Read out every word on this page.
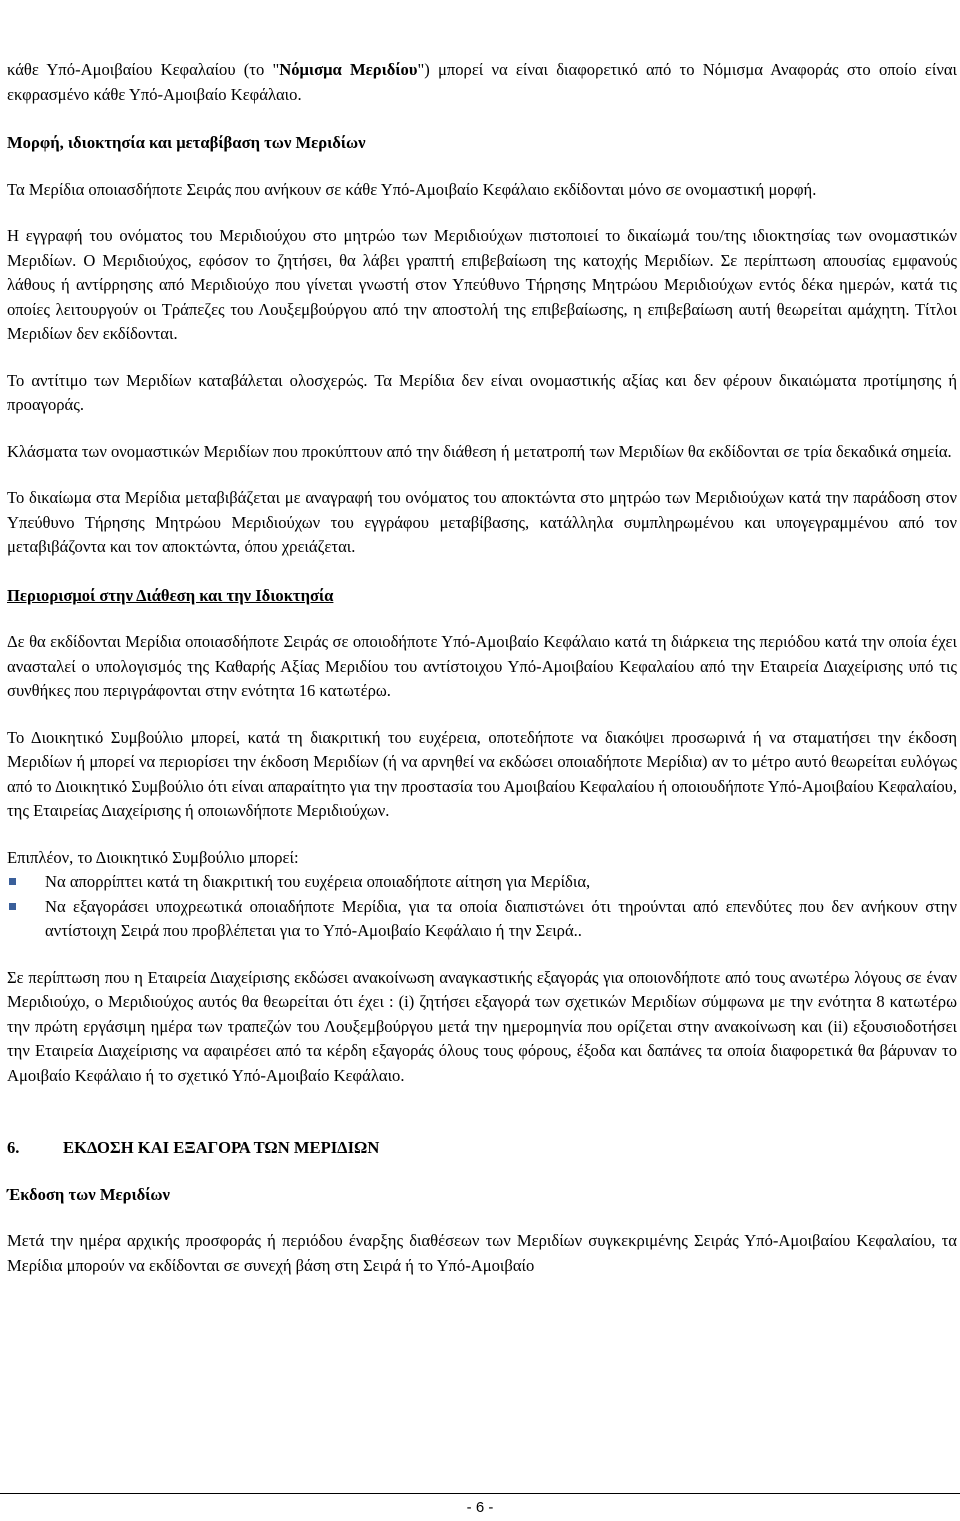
κάθε Υπό-Αμοιβαίου Κεφαλαίου (το "Νόμισμα Μεριδίου") μπορεί να είναι διαφορετικό από το Νόμισμα Αναφοράς στο οποίο είναι εκφρασμένο κάθε Υπό-Αμοιβαίο Κεφάλαιο.

Μορφή, ιδιοκτησία και μεταβίβαση των Μεριδίων

Τα Μερίδια οποιασδήποτε Σειράς που ανήκουν σε κάθε Υπό-Αμοιβαίο Κεφάλαιο εκδίδονται μόνο σε ονομαστική μορφή.

Η εγγραφή του ονόματος του Μεριδιούχου στο μητρώο των Μεριδιούχων πιστοποιεί το δικαίωμά του/της ιδιοκτησίας των ονομαστικών Μεριδίων. Ο Μεριδιούχος, εφόσον το ζητήσει, θα λάβει γραπτή επιβεβαίωση της κατοχής Μεριδίων. Σε περίπτωση απουσίας εμφανούς λάθους ή αντίρρησης από Μεριδιούχο που γίνεται γνωστή στον Υπεύθυνο Τήρησης Μητρώου Μεριδιούχων εντός δέκα ημερών, κατά τις οποίες λειτουργούν οι Τράπεζες του Λουξεμβούργου από την αποστολή της επιβεβαίωσης, η επιβεβαίωση αυτή θεωρείται αμάχητη. Τίτλοι Μεριδίων δεν εκδίδονται.

Το αντίτιμο των Μεριδίων καταβάλεται ολοσχερώς. Τα Μερίδια δεν είναι ονομαστικής αξίας και δεν φέρουν δικαιώματα προτίμησης ή προαγοράς.

Κλάσματα των ονομαστικών Μεριδίων που προκύπτουν από την διάθεση ή μετατροπή των Μεριδίων θα εκδίδονται σε τρία δεκαδικά σημεία.

Το δικαίωμα στα Μερίδια μεταβιβάζεται με αναγραφή του ονόματος του αποκτώντα στο μητρώο των Μεριδιούχων κατά την παράδοση στον Υπεύθυνο Τήρησης Μητρώου Μεριδιούχων του εγγράφου μεταβίβασης, κατάλληλα συμπληρωμένου και υπογεγραμμένου από τον μεταβιβάζοντα και τον αποκτώντα, όπου χρειάζεται.

Περιορισμοί στην Διάθεση και την Ιδιοκτησία

Δε θα εκδίδονται Μερίδια οποιασδήποτε Σειράς σε οποιοδήποτε Υπό-Αμοιβαίο Κεφάλαιο κατά τη διάρκεια της περιόδου κατά την οποία έχει ανασταλεί ο υπολογισμός της Καθαρής Αξίας Μεριδίου του αντίστοιχου Υπό-Αμοιβαίου Κεφαλαίου από την Εταιρεία Διαχείρισης υπό τις συνθήκες που περιγράφονται στην ενότητα 16 κατωτέρω.

Το Διοικητικό Συμβούλιο μπορεί, κατά τη διακριτική του ευχέρεια, οποτεδήποτε να διακόψει προσωρινά ή να σταματήσει την έκδοση Μεριδίων ή μπορεί να περιορίσει την έκδοση Μεριδίων (ή να αρνηθεί να εκδώσει οποιαδήποτε Μερίδια) αν το μέτρο αυτό θεωρείται ευλόγως από το Διοικητικό Συμβούλιο ότι είναι απαραίτητο για την προστασία του Αμοιβαίου Κεφαλαίου ή οποιουδήποτε Υπό-Αμοιβαίου Κεφαλαίου, της Εταιρείας Διαχείρισης ή οποιωνδήποτε Μεριδιούχων.

Επιπλέον, το Διοικητικό Συμβούλιο μπορεί:

Να απορρίπτει κατά τη διακριτική του ευχέρεια οποιαδήποτε αίτηση για Μερίδια,
Να εξαγοράσει υποχρεωτικά οποιαδήποτε Μερίδια, για τα οποία διαπιστώνει ότι τηρούνται από επενδύτες που δεν ανήκουν στην αντίστοιχη Σειρά που προβλέπεται για το Υπό-Αμοιβαίο Κεφάλαιο ή την Σειρά..

Σε περίπτωση που η Εταιρεία Διαχείρισης εκδώσει ανακοίνωση αναγκαστικής εξαγοράς για οποιονδήποτε από τους ανωτέρω λόγους σε έναν Μεριδιούχο, ο Μεριδιούχος αυτός θα θεωρείται ότι έχει : (i) ζητήσει εξαγορά των σχετικών Μεριδίων σύμφωνα με την ενότητα 8 κατωτέρω την πρώτη εργάσιμη ημέρα των τραπεζών του Λουξεμβούργου μετά την ημερομηνία που ορίζεται στην ανακοίνωση και (ii) εξουσιοδοτήσει την Εταιρεία Διαχείρισης να αφαιρέσει από τα κέρδη εξαγοράς όλους τους φόρους, έξοδα και δαπάνες τα οποία διαφορετικά θα βάρυναν το Αμοιβαίο Κεφάλαιο ή το σχετικό Υπό-Αμοιβαίο Κεφάλαιο.

6.	ΕΚΔΟΣΗ ΚΑΙ ΕΞΑΓΟΡΑ ΤΩΝ ΜΕΡΙΔΙΩΝ
Έκδοση των Μεριδίων

Μετά την ημέρα αρχικής προσφοράς ή περιόδου έναρξης διαθέσεων των Μεριδίων συγκεκριμένης Σειράς Υπό-Αμοιβαίου Κεφαλαίου, τα Μερίδια μπορούν να εκδίδονται σε συνεχή βάση στη Σειρά ή το Υπό-Αμοιβαίο

- 6 -
